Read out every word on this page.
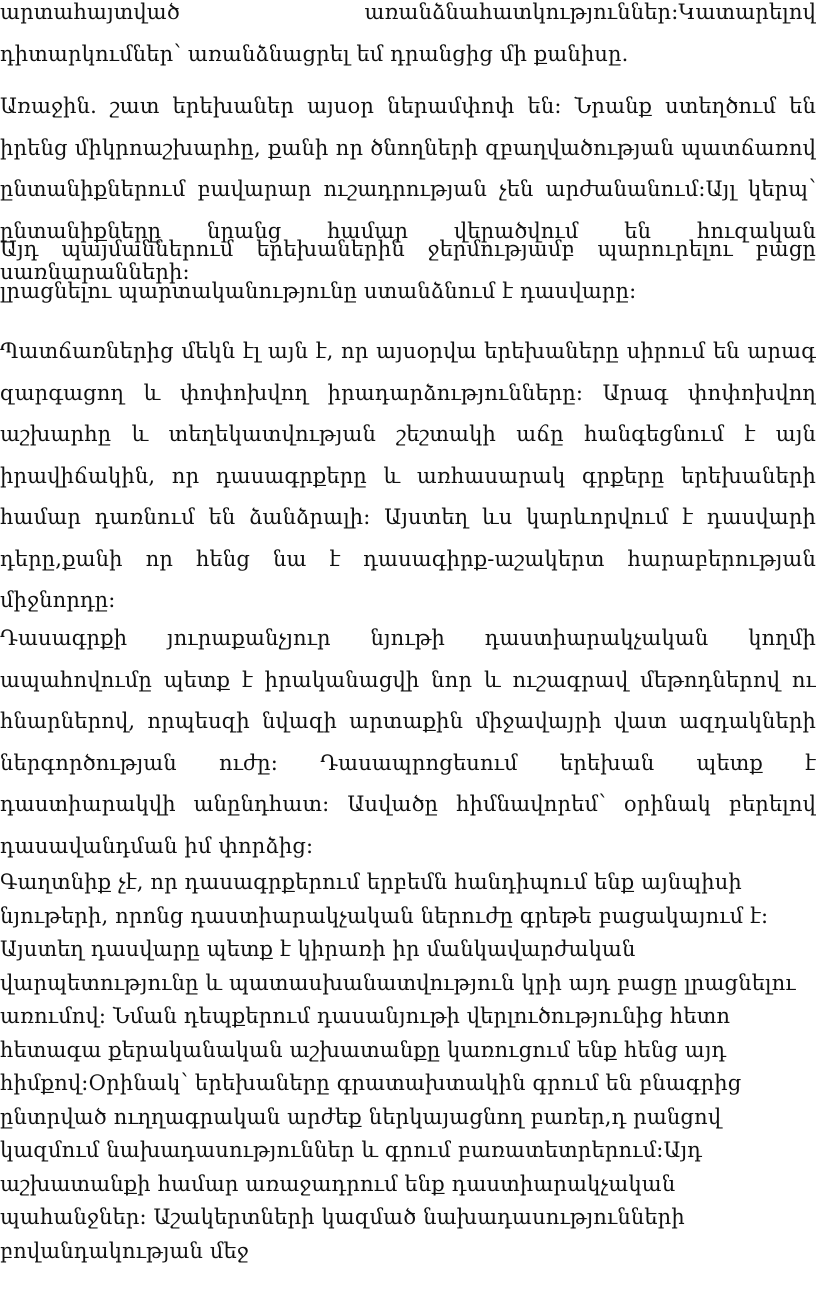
արտահայտված առանձնահատկություններ:Կատարելով դիտարկումներ՝ առանձնացրել եմ դրանցից մի քանիսը.

Առաջին. շատ երեխաներ այսօր ներամփոփ են: Նրանք ստեղծում են իրենց միկրոաշխարհը, քանի որ ծնողների զբաղվածության պատճառով ընտանիքներում բավարար ուշադրության չեն արժանանում:Այլ կերպ՝ ընտանիքները նրանց համար վերածվում են հուզական սառնարանների:

Այդ պայմաններում երեխաներին ջերմությամբ պարուրելու բացը լրացնելու պարտականությունը ստանձնում է դասվարը:

Պատճառներից մեկն էլ այն է, որ այսօրվա երեխաները սիրում են արագ զարգացող և փոփոխվող իրադարձությունները: Արագ փոփոխվող աշխարհը և տեղեկատվության շեշտակի աճը հանգեցնում է այն իրավիճակին, որ դասագրքերը և առհասարակ գրքերը երեխաների համար դառնում են ձանձրալի: Այստեղ ևս կարևորվում է դասվարի դերը,քանի որ հենց նա է դասագիրք-աշակերտ հարաբերության միջնորդը:

Դասագրքի յուրաքանչյուր նյութի դաստիարակչական կողմի ապահովումը պետք է իրականացվի նոր և ուշագրավ մեթոդներով ու հնարներով, որպեսզի նվազի արտաքին միջավայրի վատ ազդակների ներգործության ուժը: Դասապրոցեսում երեխան պետք է դաստիարակվի անընդհատ: Ասվածը հիմնավորեմ՝ օրինակ բերելով դասավանդման իմ փորձից:

Գաղտնիք չէ, որ դասագրքերում երբեմն հանդիպում ենք այնպիսի նյութերի, որոնց դաստիարակչական ներուժը գրեթե բացակայում է: Այստեղ դասվարը պետք է կիրառի իր մանկավարժական վարպետությունը և պատասխանատվություն կրի այդ բացը լրացնելու առումով: Նման դեպքերում դասանյութի վերլուծությունից հետո հետագա քերականական աշխատանքը կառուցում ենք հենց այդ հիմքով:Օրինակ՝ երեխաները գրատախտակին գրում են բնագրից ընտրված ուղղագրական արժեք ներկայացնող բառեր,դ րանցով կազմում նախադասություններ և գրում բառատետրերում:Այդ աշխատանքի համար առաջադրում ենք դաստիարակչական պահանջներ: Աշակերտների կազմած նախադասությունների բովանդակության մեջ
